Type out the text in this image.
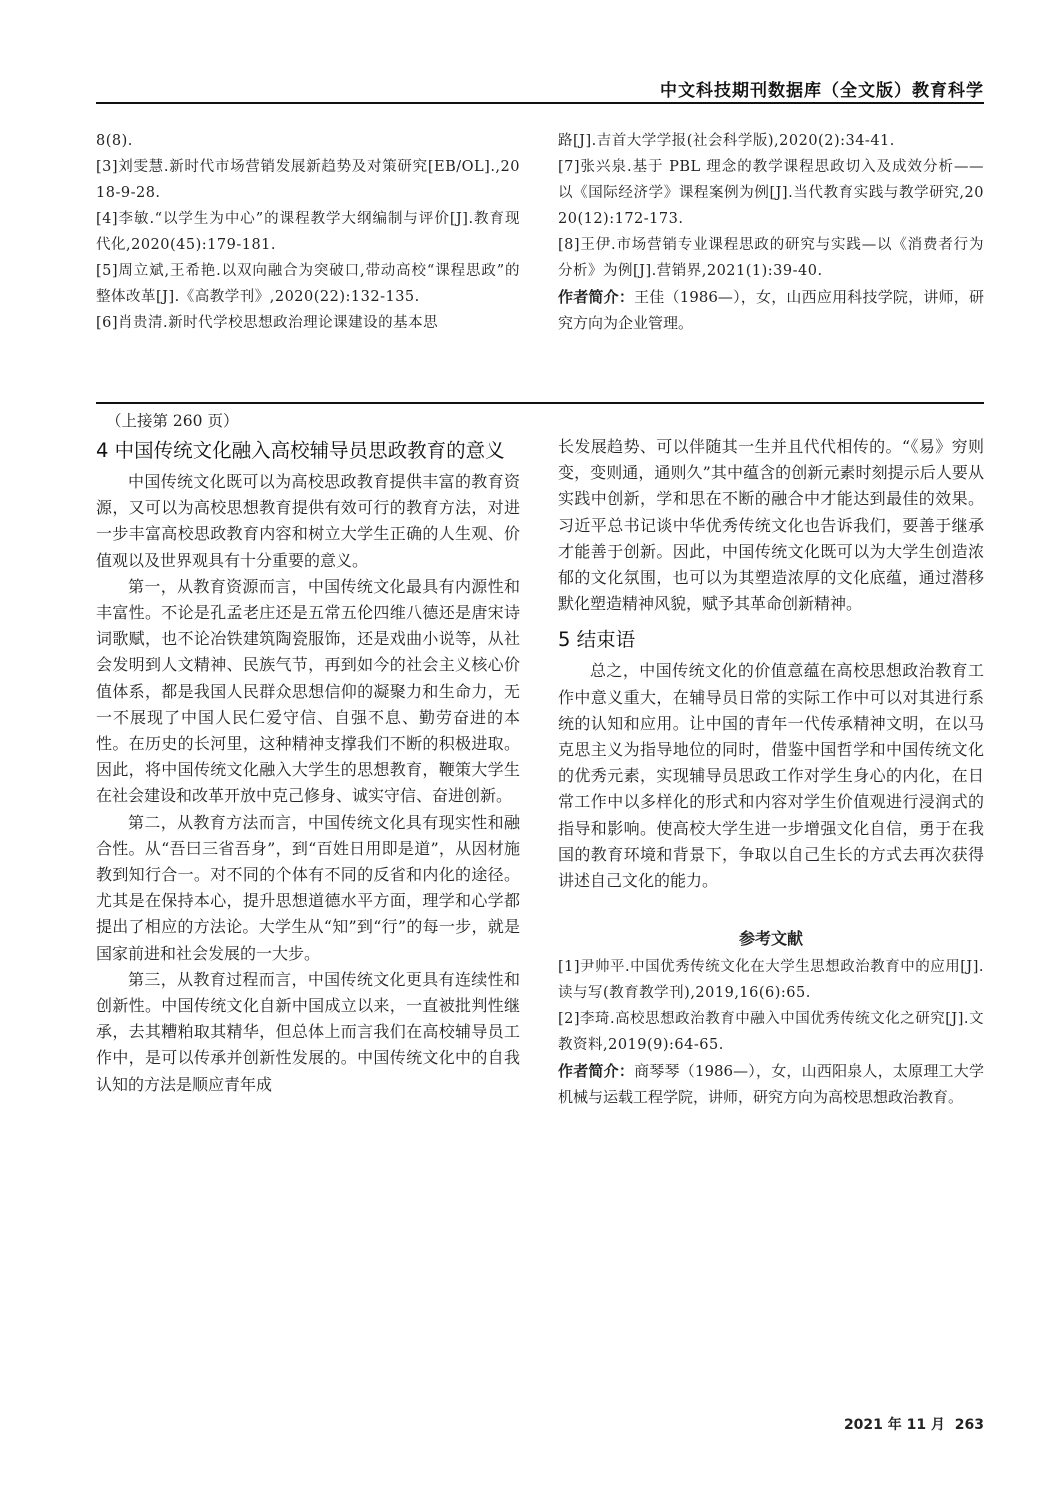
中文科技期刊数据库（全文版）教育科学

8(8).

[3]刘雯慧.新时代市场营销发展新趋势及对策研究[EB/OL].,2018-9-28.

[4]李敏.“以学生为中心”的课程教学大纲编制与评价[J].教育现代化,2020(45):179-181.

[5]周立斌,王希艳.以双向融合为突破口,带动高校“课程思政”的整体改革[J].《高教学刊》,2020(22):132-135.

[6]肖贵清.新时代学校思想政治理论课建设的基本思

路[J].吉首大学学报(社会科学版),2020(2):34-41.

[7]张兴泉.基于 PBL 理念的教学课程思政切入及成效分析——以《国际经济学》课程案例为例[J].当代教育实践与教学研究,2020(12):172-173.

[8]王伊.市场营销专业课程思政的研究与实践—以《消费者行为分析》为例[J].营销界,2021(1):39-40.

作者简介：王佳（1986—），女，山西应用科技学院，讲师，研究方向为企业管理。

（上接第 260 页）

4 中国传统文化融入高校辅导员思政教育的意义

中国传统文化既可以为高校思政教育提供丰富的教育资源，又可以为高校思想教育提供有效可行的教育方法，对进一步丰富高校思政教育内容和树立大学生正确的人生观、价值观以及世界观具有十分重要的意义。

第一，从教育资源而言，中国传统文化最具有内源性和丰富性。不论是孔孟老庄还是五常五伦四维八德还是唐宋诗词歌赋，也不论冶铁建筑陶瓷服饰，还是戏曲小说等，从社会发明到人文精神、民族气节，再到如今的社会主义核心价值体系，都是我国人民群众思想信仰的凝聚力和生命力，无一不展现了中国人民仁爱守信、自强不息、勤劳奋进的本性。在历史的长河里，这种精神支撑我们不断的积极进取。因此，将中国传统文化融入大学生的思想教育，鞭策大学生在社会建设和改革开放中克己修身、诚实守信、奋进创新。

第二，从教育方法而言，中国传统文化具有现实性和融合性。从“吾曰三省吾身”，到“百姓日用即是道”，从因材施教到知行合一。对不同的个体有不同的反省和内化的途径。尤其是在保持本心，提升思想道德水平方面，理学和心学都提出了相应的方法论。大学生从“知”到“行”的每一步，就是国家前进和社会发展的一大步。

第三，从教育过程而言，中国传统文化更具有连续性和创新性。中国传统文化自新中国成立以来，一直被批判性继承，去其糟粕取其精华，但总体上而言我们在高校辅导员工作中，是可以传承并创新性发展的。中国传统文化中的自我认知的方法是顺应青年成

长发展趋势、可以伴随其一生并且代代相传的。“《易》穷则变，变则通，通则久”其中蕴含的创新元素时刻提示后人要从实践中创新，学和思在不断的融合中才能达到最佳的效果。习近平总书记谈中华优秀传统文化也告诉我们，要善于继承才能善于创新。因此，中国传统文化既可以为大学生创造浓郁的文化氛围，也可以为其塑造浓厚的文化底蕴，通过潜移默化塑造精神风貌，赋予其革命创新精神。

5 结束语

总之，中国传统文化的价值意蕴在高校思想政治教育工作中意义重大，在辅导员日常的实际工作中可以对其进行系统的认知和应用。让中国的青年一代传承精神文明，在以马克思主义为指导地位的同时，借鉴中国哲学和中国传统文化的优秀元素，实现辅导员思政工作对学生身心的内化，在日常工作中以多样化的形式和内容对学生价值观进行浸润式的指导和影响。使高校大学生进一步增强文化自信，勇于在我国的教育环境和背景下，争取以自己生长的方式去再次获得讲述自己文化的能力。

参考文献

[1]尹帅平.中国优秀传统文化在大学生思想政治教育中的应用[J].读与写(教育教学刊),2019,16(6):65.

[2]李琦.高校思想政治教育中融入中国优秀传统文化之研究[J].文教资料,2019(9):64-65.

作者简介：商琴琴（1986—），女，山西阳泉人，太原理工大学机械与运载工程学院，讲师，研究方向为高校思想政治教育。

2021 年 11 月 263
